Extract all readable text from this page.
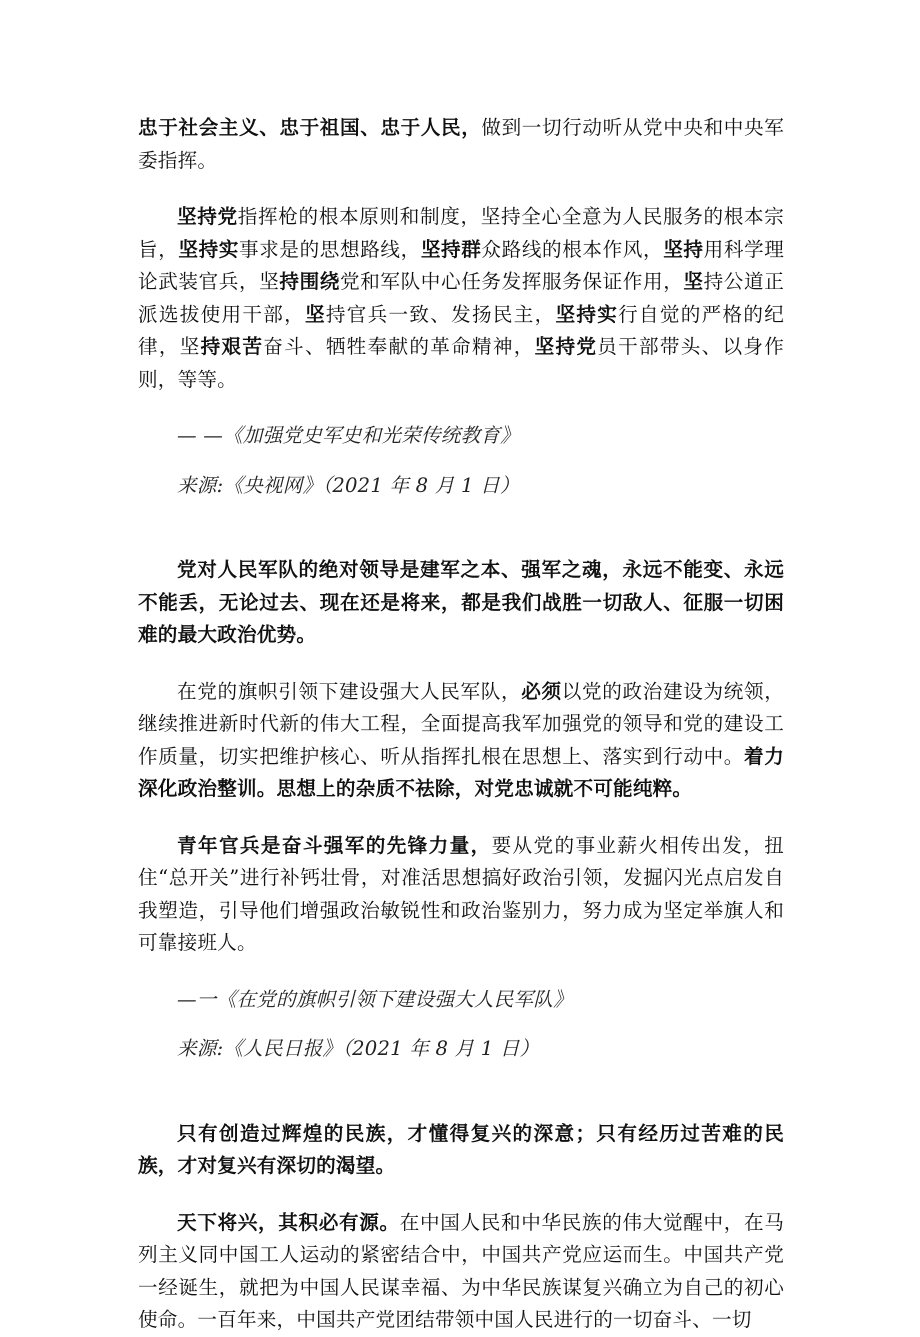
忠于社会主义、忠于祖国、忠于人民，做到一切行动听从党中央和中央军委指挥。

坚持党指挥枪的根本原则和制度，坚持全心全意为人民服务的根本宗旨，坚持实事求是的思想路线，坚持群众路线的根本作风，坚持用科学理论武装官兵，坚持围绕党和军队中心任务发挥服务保证作用，坚持公道正派选拔使用干部，坚持官兵一致、发扬民主，坚持实行自觉的严格的纪律，坚持艰苦奋斗、牺牲奉献的革命精神，坚持党员干部带头、以身作则，等等。

— —《加强党史军史和光荣传统教育》

来源:《央视网》（2021 年 8 月 1 日）

党对人民军队的绝对领导是建军之本、强军之魂，永远不能变、永远不能丢，无论过去、现在还是将来，都是我们战胜一切敌人、征服一切困难的最大政治优势。

在党的旗帜引领下建设强大人民军队，必须以党的政治建设为统领，继续推进新时代新的伟大工程，全面提高我军加强党的领导和党的建设工作质量，切实把维护核心、听从指挥扎根在思想上、落实到行动中。着力深化政治整训。思想上的杂质不祛除，对党忠诚就不可能纯粹。

青年官兵是奋斗强军的先锋力量，要从党的事业薪火相传出发，扭住“总开关”进行补钙壮骨，对准活思想搞好政治引领，发掘闪光点启发自我塑造，引导他们增强政治敏锐性和政治鉴别力，努力成为坚定举旗人和可靠接班人。

—一《在党的旗帜引领下建设强大人民军队》

来源:《人民日报》（2021 年 8 月 1 日）

只有创造过辉煌的民族，才懂得复兴的深意；只有经历过苦难的民族，才对复兴有深切的渴望。

天下将兴，其积必有源。在中国人民和中华民族的伟大觉醒中，在马列主义同中国工人运动的紧密结合中，中国共产党应运而生。中国共产党一经诞生，就把为中国人民谋幸福、为中华民族谋复兴确立为自己的初心使命。一百年来，中国共产党团结带领中国人民进行的一切奋斗、一切
